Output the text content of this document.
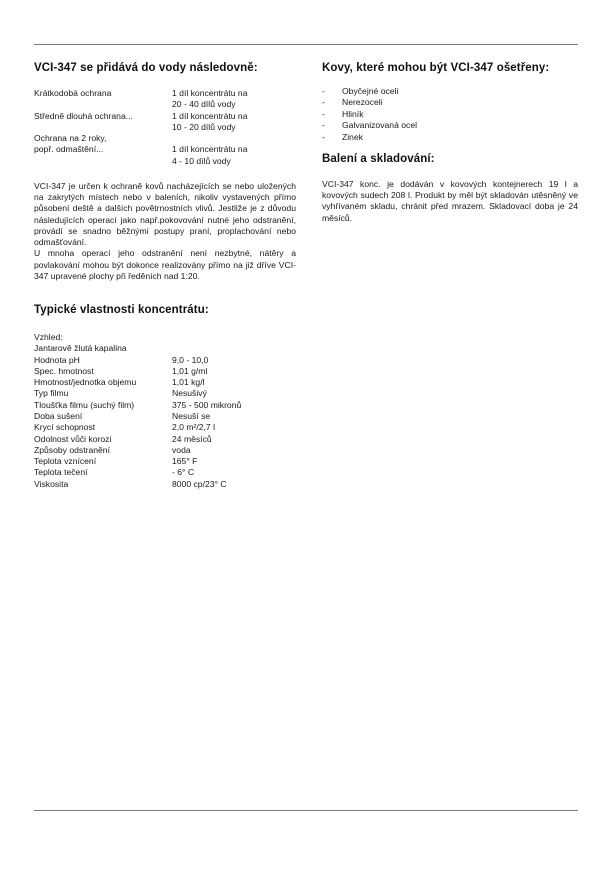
VCI-347 se přidává do vody následovně:
Krátkodobá ochrana	1 díl koncentrátu na
	20 - 40 dílů vody
Středně dlouhá ochrana...	1 díl koncentrátu na
	10 - 20 dílů vody
Ochrana na 2 roky,	
popř. odmaštění...	1 díl koncentrátu na
	4 - 10 dílů vody

VCI-347 je určen k ochraně kovů nacházejících se nebo uložených na zakrytých místech nebo v baleních, nikoliv vystavených přímo působení deště a dalších povětrnostních vlivů. Jestliže je z důvodu následujících operací jako např.pokovování nutné jeho odstranění, provádí se snadno běžnými postupy praní, proplachování nebo odmašťování.
U mnoha operací jeho odstranění není nezbytné, nátěry a povlakování mohou být dokonce realizovány přímo na již dříve VCI-347 upravené plochy při ředěních nad 1:20.

Typické vlastnosti koncentrátu:
Vzhled:	
Jantarově žlutá kapalina	
Hodnota pH	9,0 - 10,0
Spec. hmotnost	1,01 g/ml
Hmotnost/jednotka objemu	1,01 kg/l
Typ filmu	Nesušivý
Tloušťka filmu (suchý film)	375 - 500 mikronů
Doba sušení	Nesuší se
Krycí schopnost	2,0 m²/2,7 l
Odolnost vůči korozi	24 měsíců
Způsoby odstranění	voda
Teplota vznícení	165° F
Teplota tečení	- 6° C
Viskosita	8000 cp/23° C
Kovy, které mohou být VCI-347 ošetřeny:
-	Obyčejné oceli
-	Nerezoceli
-	Hliník
-	Galvanizovaná ocel
-	Zinek
Balení a skladování:

VCI-347 konc. je dodáván v kovových kontejnerech 19 l a kovových sudech 208 l. Produkt by měl být skladován utěsněný ve vyhřívaném skladu, chránit před mrazem. Skladovací doba je 24 měsíců.
